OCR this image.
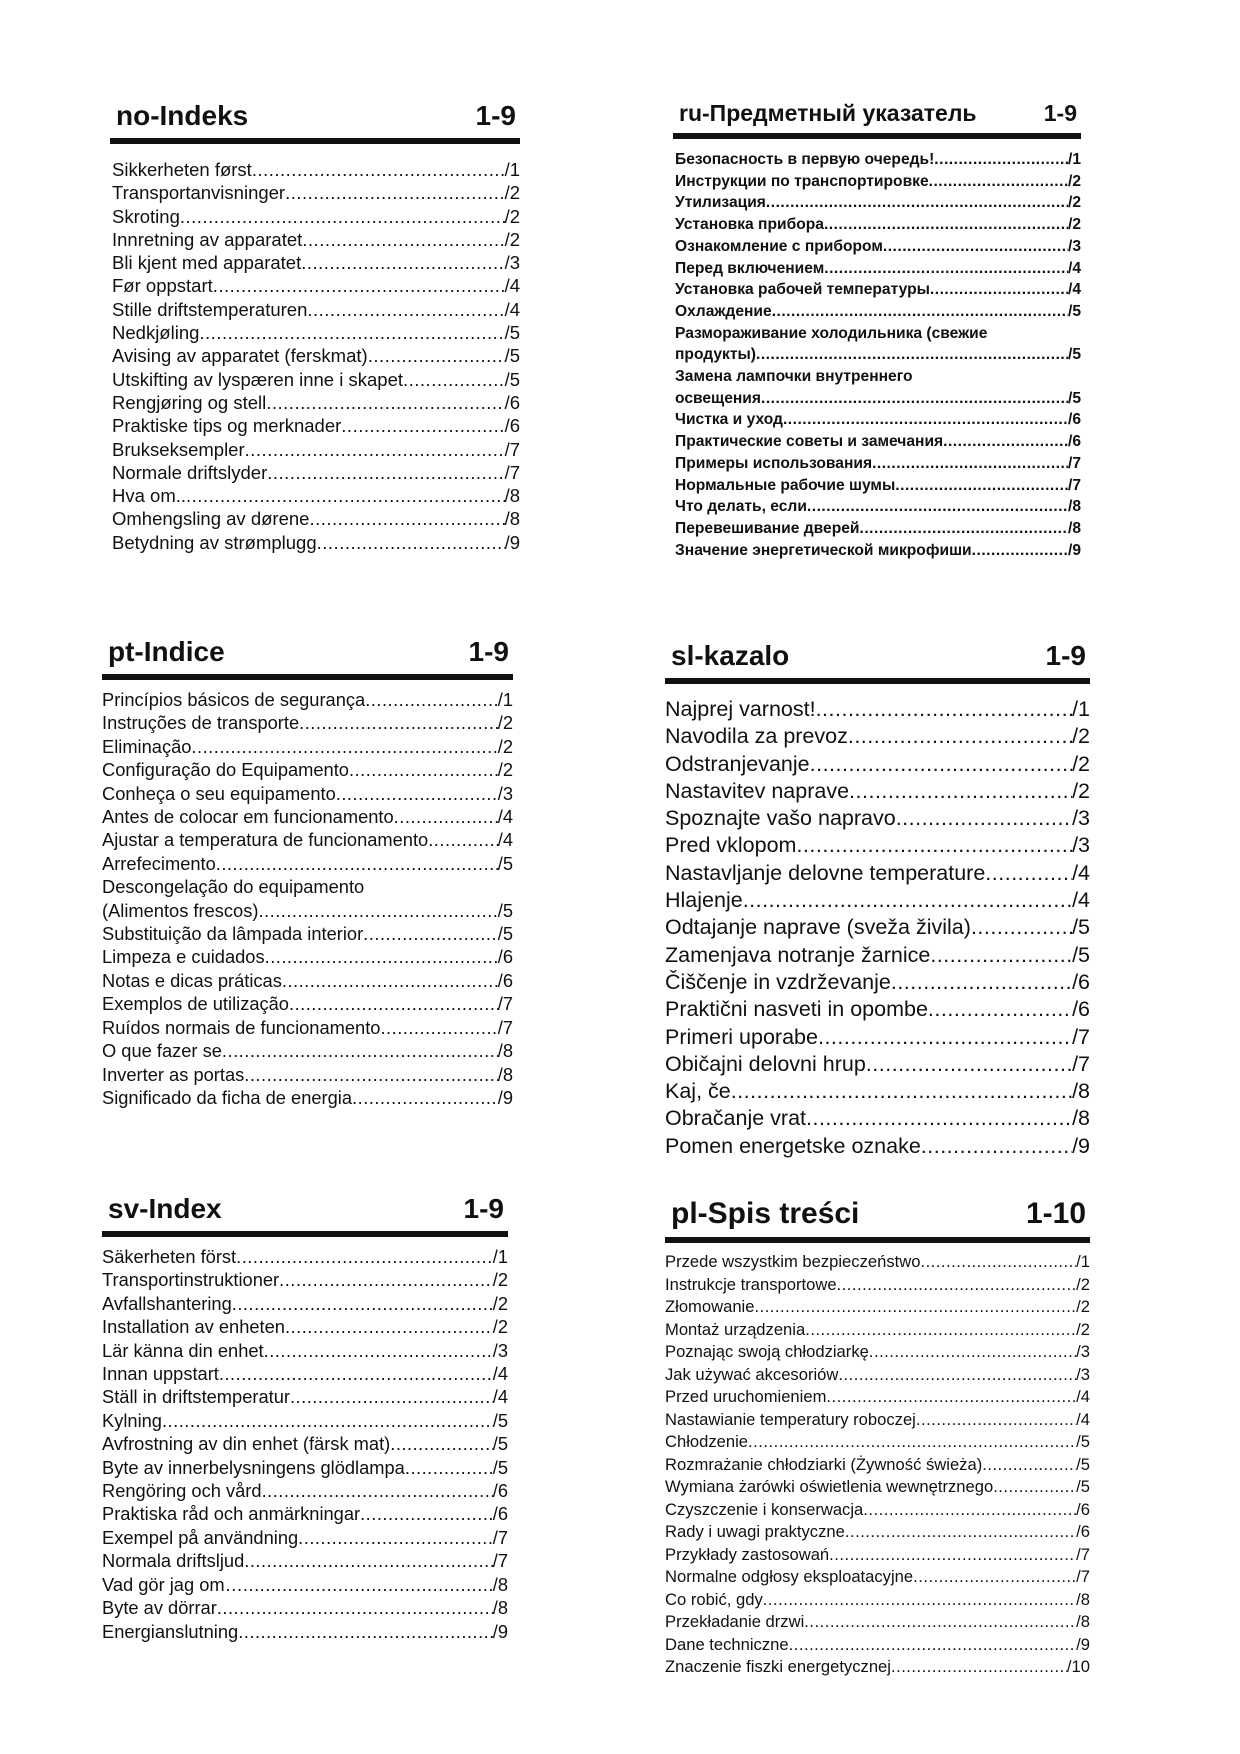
no-Indeks	1-9
Sikkerheten først .....	/1
Transportanvisninger .....	/2
Skroting .....	/2
Innretning av apparatet .....	/2
Bli kjent med apparatet .....	/3
Før oppstart .....	/4
Stille driftstemperaturen .....	/4
Nedkjøling .....	/5
Avising av apparatet (ferskmat) .....	/5
Utskifting av lyspæren inne i skapet .....	/5
Rengjøring og stell .....	/6
Praktiske tips og merknader .....	/6
Brukseksempler .....	/7
Normale driftslyder .....	/7
Hva om.. .....	/8
Omhengsling av dørene .....	/8
Betydning av strømplugg .....	/9
ru-Предметный указатель	1-9
Безопасность в первую очередь! .....	/1
Инструкции по транспортировке .....	/2
Утилизация .....	/2
Установка прибора .....	/2
Ознакомление с прибором .....	/3
Перед включением .....	/4
Установка рабочей температуры .....	/4
Охлаждение .....	/5
Размораживание холодильника (свежие
продукты) .....	/5
Замена лампочки внутреннего
освещения .....	/5
Чистка и уход .....	/6
Практические советы и замечания .....	/6
Примеры использования .....	/7
Нормальные рабочие шумы .....	/7
Что делать, если .....	/8
Перевешивание дверей .....	/8
Значение энергетической микрофиши .....	/9
pt-Indice	1-9
Princípios básicos de segurança .....	/1
Instruções de transporte .....	/2
Eliminação .....	/2
Configuração do Equipamento .....	/2
Conheça o seu equipamento .....	/3
Antes de colocar em funcionamento .....	/4
Ajustar a temperatura de funcionamento .....	/4
Arrefecimento .....	/5
Descongelação do equipamento
(Alimentos frescos) .....	/5
Substituição da lâmpada interior .....	/5
Limpeza e cuidados .....	/6
Notas e dicas práticas .....	/6
Exemplos de utilização .....	/7
Ruídos normais de funcionamento .....	/7
O que fazer se .....	/8
Inverter as portas .....	/8
Significado da ficha de energia .....	/9
sl-kazalo	1-9
Najprej varnost! .....	/1
Navodila za prevoz .....	/2
Odstranjevanje .....	/2
Nastavitev naprave .....	/2
Spoznajte vašo napravo .....	/3
Pred vklopom .....	/3
Nastavljanje delovne temperature .....	/4
Hlajenje .....	/4
Odtajanje naprave (sveža živila) .....	/5
Zamenjava notranje žarnice .....	/5
Čiščenje in vzdrževanje .....	/6
Praktični nasveti in opombe .....	/6
Primeri uporabe .....	/7
Običajni delovni hrup .....	/7
Kaj, če .....	/8
Obračanje vrat .....	/8
Pomen energetske oznake .....	/9
sv-Index	1-9
Säkerheten först .....	/1
Transportinstruktioner .....	/2
Avfallshantering .....	/2
Installation av enheten .....	/2
Lär känna din enhet .....	/3
Innan uppstart .....	/4
Ställ in driftstemperatur .....	/4
Kylning .....	/5
Avfrostning av din enhet (färsk mat) .....	/5
Byte av innerbelysningens glödlampa .....	/5
Rengöring och vård .....	/6
Praktiska råd och anmärkningar .....	/6
Exempel på användning .....	/7
Normala driftsljud .....	/7
Vad gör jag om… .....	/8
Byte av dörrar .....	/8
Energianslutning .....	/9
pl-Spis treści	1-10
Przede wszystkim bezpieczeństwo .....	/1
Instrukcje transportowe .....	/2
Złomowanie .....	/2
Montaż urządzenia .....	/2
Poznając swoją chłodziarkę .....	/3
Jak używać akcesoriów .....	/3
Przed uruchomieniem .....	/4
Nastawianie temperatury roboczej .....	/4
Chłodzenie .....	/5
Rozmrażanie chłodziarki (Żywność świeża) .....	/5
Wymiana żarówki oświetlenia wewnętrznego .....	/5
Czyszczenie i konserwacja .....	/6
Rady i uwagi praktyczne .....	/6
Przykłady zastosowań .....	/7
Normalne odgłosy eksploatacyjne .....	/7
Co robić, gdy .....	/8
Przekładanie drzwi .....	/8
Dane techniczne .....	/9
Znaczenie fiszki energetycznej .....	/10
